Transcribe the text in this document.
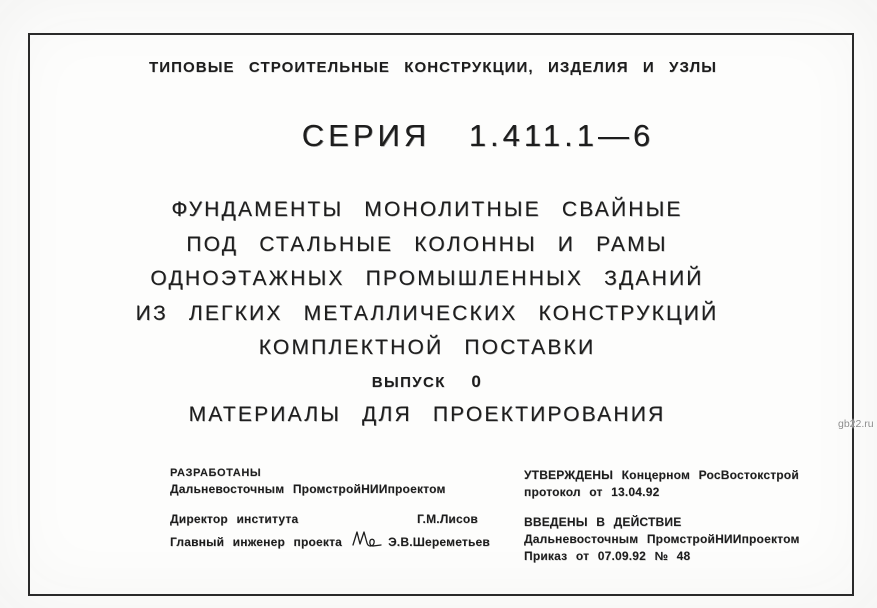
ТИПОВЫЕ СТРОИТЕЛЬНЫЕ КОНСТРУКЦИИ, ИЗДЕЛИЯ И УЗЛЫ
СЕРИЯ 1.411.1—6
ФУНДАМЕНТЫ МОНОЛИТНЫЕ СВАЙНЫЕ
ПОД СТАЛЬНЫЕ КОЛОННЫ И РАМЫ
ОДНОЭТАЖНЫХ ПРОМЫШЛЕННЫХ ЗДАНИЙ
ИЗ ЛЕГКИХ МЕТАЛЛИЧЕСКИХ КОНСТРУКЦИЙ
КОМПЛЕКТНОЙ ПОСТАВКИ
ВЫПУСК 0
МАТЕРИАЛЫ ДЛЯ ПРОЕКТИРОВАНИЯ
РАЗРАБОТАНЫ
Дальневосточным ПромстройНИИпроектом
Директор института	Г.М.Лисов
Главный инженер проекта	Э.В.Шереметьев
УТВЕРЖДЕНЫ Концерном РосВостокстрой
протокол от 13.04.92
ВВЕДЕНЫ В ДЕЙСТВИЕ
Дальневосточным ПромстройНИИпроектом
Приказ от 07.09.92 № 48
gb22.ru
